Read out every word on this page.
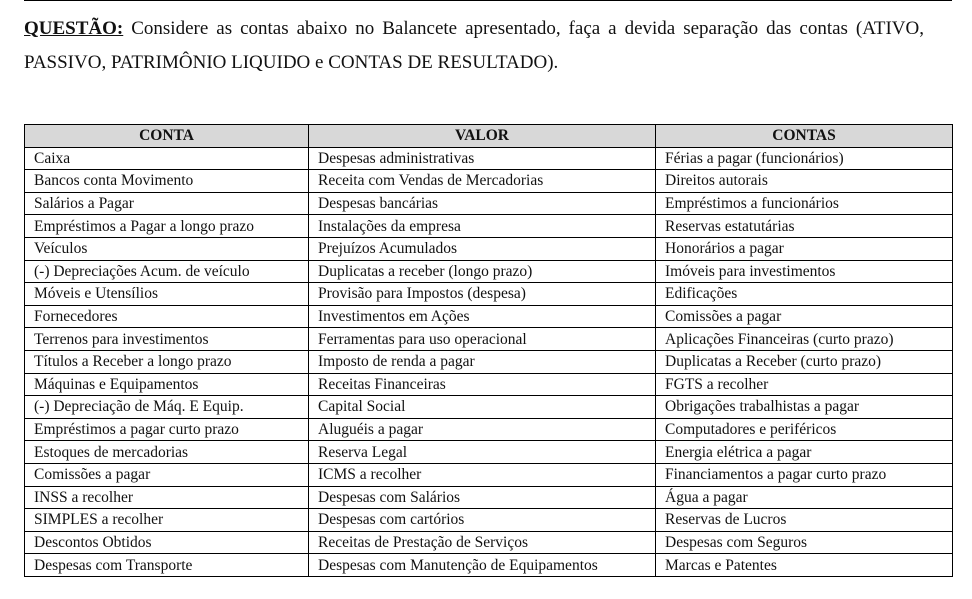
QUESTÃO: Considere as contas abaixo no Balancete apresentado, faça a devida separação das contas (ATIVO, PASSIVO, PATRIMÔNIO LIQUIDO e CONTAS DE RESULTADO).
CONTA	VALOR	CONTAS
Caixa	Despesas administrativas	Férias a pagar (funcionários)
Bancos conta Movimento	Receita com Vendas de Mercadorias	Direitos autorais
Salários a Pagar	Despesas bancárias	Empréstimos a funcionários
Empréstimos a Pagar a longo prazo	Instalações da empresa	Reservas estatutárias
Veículos	Prejuízos Acumulados	Honorários a pagar
(-) Depreciações Acum. de veículo	Duplicatas a receber (longo prazo)	Imóveis para investimentos
Móveis e Utensílios	Provisão para Impostos (despesa)	Edificações
Fornecedores	Investimentos em Ações	Comissões a pagar
Terrenos para investimentos	Ferramentas para uso operacional	Aplicações Financeiras (curto prazo)
Títulos a Receber a longo prazo	Imposto de renda a pagar	Duplicatas a Receber (curto prazo)
Máquinas e Equipamentos	Receitas Financeiras	FGTS a recolher
(-) Depreciação de Máq. E Equip.	Capital Social	Obrigações trabalhistas a pagar
Empréstimos a pagar curto prazo	Aluguéis a pagar	Computadores e periféricos
Estoques de mercadorias	Reserva Legal	Energia elétrica a pagar
Comissões a pagar	ICMS a recolher	Financiamentos a pagar curto prazo
INSS a recolher	Despesas com Salários	Água a pagar
SIMPLES a recolher	Despesas com cartórios	Reservas de Lucros
Descontos Obtidos	Receitas de Prestação de Serviços	Despesas com Seguros
Despesas com Transporte	Despesas com Manutenção de Equipamentos	Marcas e Patentes
